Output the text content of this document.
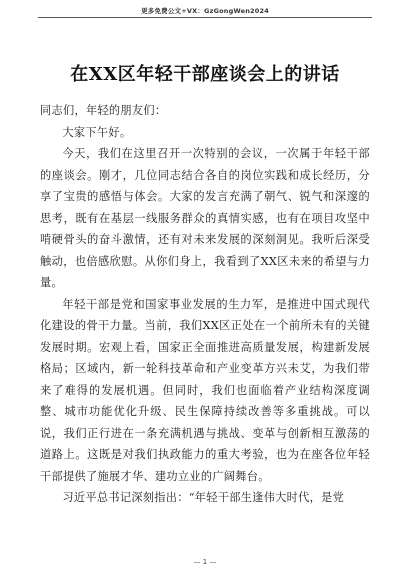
更多免费公文+VX：GzGongWen2024
在XX区年轻干部座谈会上的讲话

同志们，年轻的朋友们：

大家下午好。

今天，我们在这里召开一次特别的会议，一次属于年轻干部的座谈会。刚才，几位同志结合各自的岗位实践和成长经历，分享了宝贵的感悟与体会。大家的发言充满了朝气、锐气和深邃的思考，既有在基层一线服务群众的真情实感，也有在项目攻坚中啃硬骨头的奋斗激情，还有对未来发展的深刻洞见。我听后深受触动，也倍感欣慰。从你们身上，我看到了XX区未来的希望与力量。

年轻干部是党和国家事业发展的生力军，是推进中国式现代化建设的骨干力量。当前，我们XX区正处在一个前所未有的关键发展时期。宏观上看，国家正全面推进高质量发展，构建新发展格局；区域内，新一轮科技革命和产业变革方兴未艾，为我们带来了难得的发展机遇。但同时，我们也面临着产业结构深度调整、城市功能优化升级、民生保障持续改善等多重挑战。可以说，我们正行进在一条充满机遇与挑战、变革与创新相互激荡的道路上。这既是对我们执政能力的重大考验，也为在座各位年轻干部提供了施展才华、建功立业的广阔舞台。

习近平总书记深刻指出：“年轻干部生逢伟大时代，是党

— 1 —
